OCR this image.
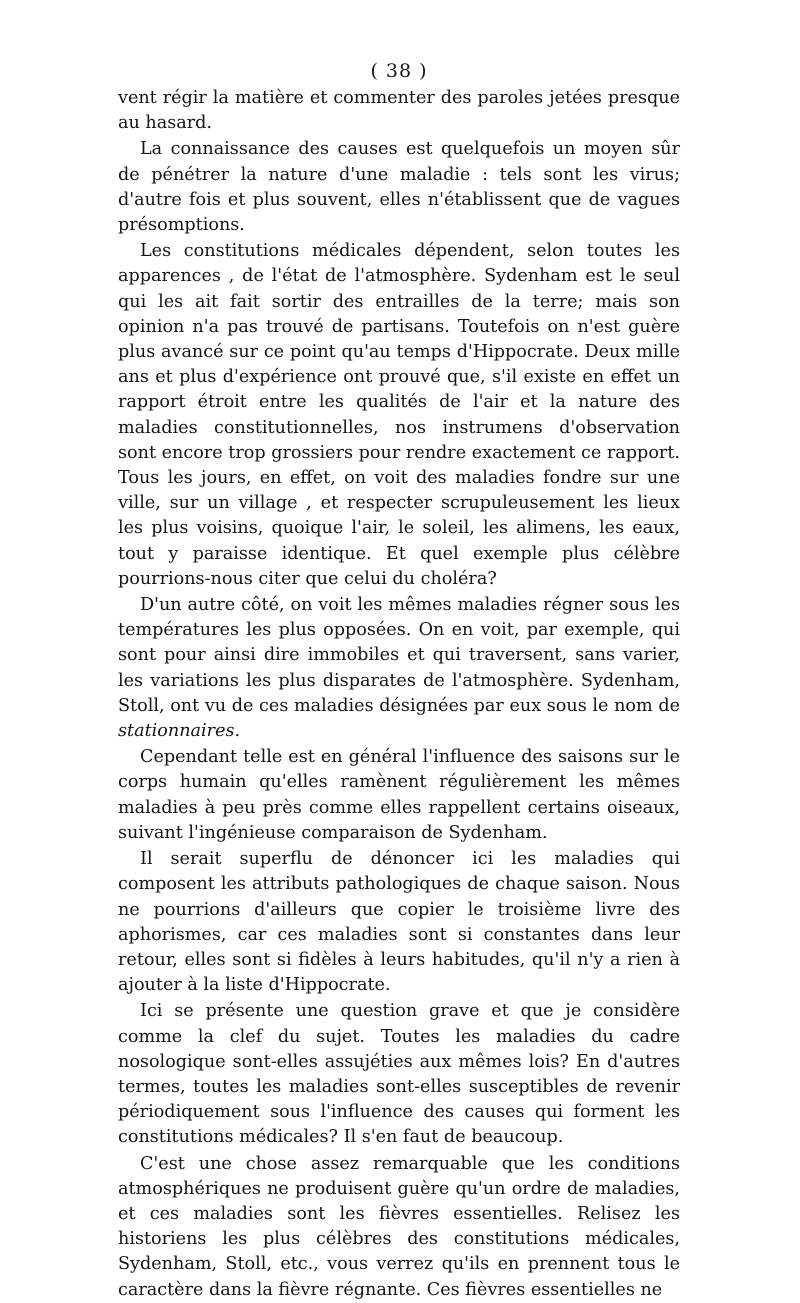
( 38 )

vent régir la matière et commenter des paroles jetées presque au hasard.

La connaissance des causes est quelquefois un moyen sûr de pénétrer la nature d'une maladie : tels sont les virus; d'autre fois et plus souvent, elles n'établissent que de vagues présomptions.

Les constitutions médicales dépendent, selon toutes les apparences , de l'état de l'atmosphère. Sydenham est le seul qui les ait fait sortir des entrailles de la terre; mais son opinion n'a pas trouvé de partisans. Toutefois on n'est guère plus avancé sur ce point qu'au temps d'Hippocrate. Deux mille ans et plus d'expérience ont prouvé que, s'il existe en effet un rapport étroit entre les qualités de l'air et la nature des maladies constitutionnelles, nos instrumens d'observation sont encore trop grossiers pour rendre exactement ce rapport. Tous les jours, en effet, on voit des maladies fondre sur une ville, sur un village , et respecter scrupuleusement les lieux les plus voisins, quoique l'air, le soleil, les alimens, les eaux, tout y paraisse identique. Et quel exemple plus célèbre pourrions-nous citer que celui du choléra?

D'un autre côté, on voit les mêmes maladies régner sous les températures les plus opposées. On en voit, par exemple, qui sont pour ainsi dire immobiles et qui traversent, sans varier, les variations les plus disparates de l'atmosphère. Sydenham, Stoll, ont vu de ces maladies désignées par eux sous le nom de stationnaires.

Cependant telle est en général l'influence des saisons sur le corps humain qu'elles ramènent régulièrement les mêmes maladies à peu près comme elles rappellent certains oiseaux, suivant l'ingénieuse comparaison de Sydenham.

Il serait superflu de dénoncer ici les maladies qui composent les attributs pathologiques de chaque saison. Nous ne pourrions d'ailleurs que copier le troisième livre des aphorismes, car ces maladies sont si constantes dans leur retour, elles sont si fidèles à leurs habitudes, qu'il n'y a rien à ajouter à la liste d'Hippocrate.

Ici se présente une question grave et que je considère comme la clef du sujet. Toutes les maladies du cadre nosologique sont-elles assujéties aux mêmes lois? En d'autres termes, toutes les maladies sont-elles susceptibles de revenir périodiquement sous l'influence des causes qui forment les constitutions médicales? Il s'en faut de beaucoup.

C'est une chose assez remarquable que les conditions atmosphériques ne produisent guère qu'un ordre de maladies, et ces maladies sont les fièvres essentielles. Relisez les historiens les plus célèbres des constitutions médicales, Sydenham, Stoll, etc., vous verrez qu'ils en prennent tous le caractère dans la fièvre régnante. Ces fièvres essentielles ne
